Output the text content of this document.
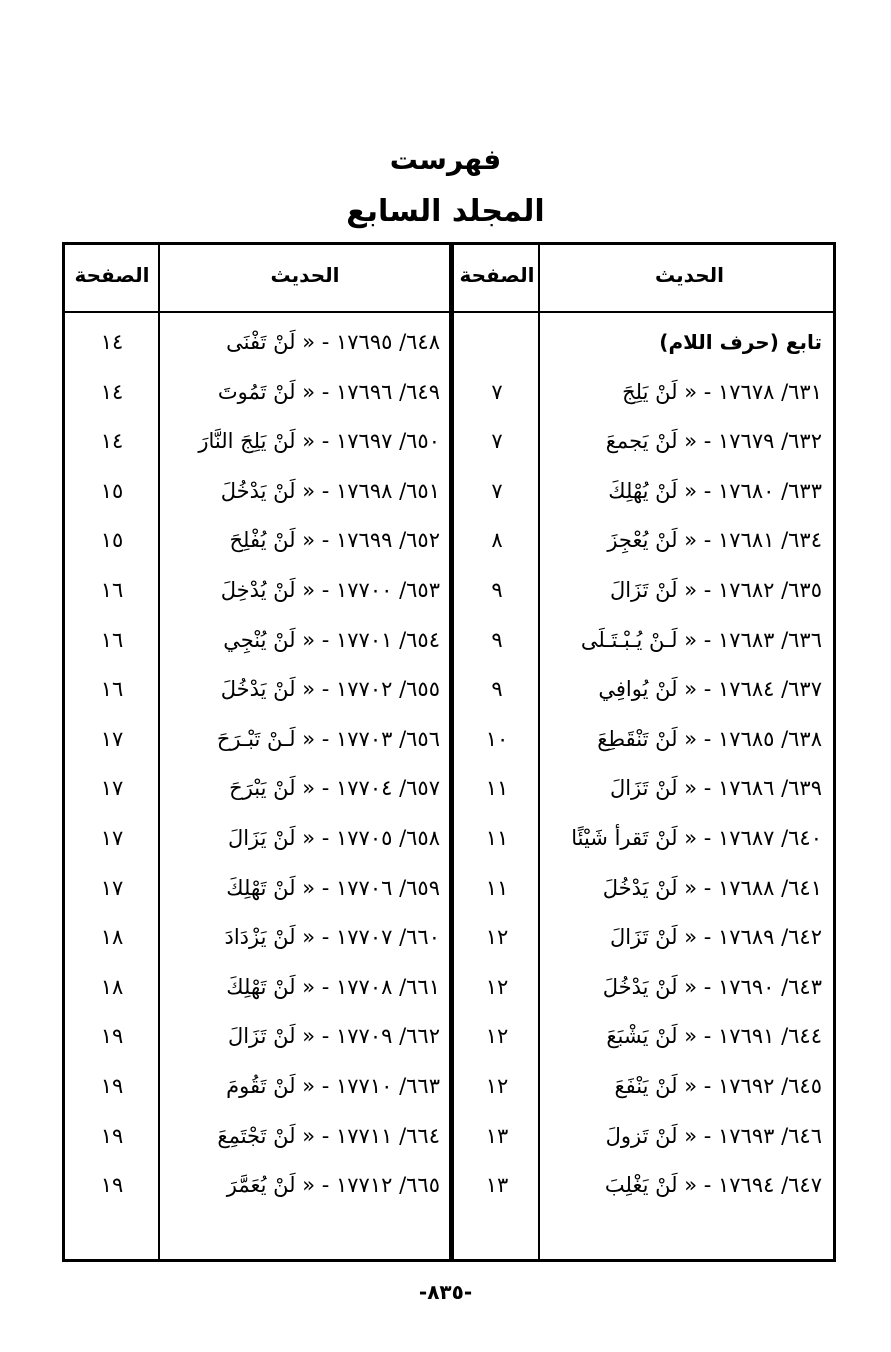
فهرست
المجلد السابع
الحديث
الصفحة
الحديث
الصفحة
تابع (حرف اللام)
٦٣١/ ١٧٦٧٨ - « لَنْ يَلِجَ
٧
٦٣٢/ ١٧٦٧٩ - « لَنْ يَجمعَ
٧
٦٣٣/ ١٧٦٨٠ - « لَنْ يُهْلِكَ
٧
٦٣٤/ ١٧٦٨١ - « لَنْ يُعْجِزَ
٨
٦٣٥/ ١٧٦٨٢ - « لَنْ تَزَالَ
٩
٦٣٦/ ١٧٦٨٣ - « لَـنْ يُـبْـتَـلَى
٩
٦٣٧/ ١٧٦٨٤ - « لَنْ يُوافِي
٩
٦٣٨/ ١٧٦٨٥ - « لَنْ تَنْقَطِعَ
١٠
٦٣٩/ ١٧٦٨٦ - « لَنْ تَزَالَ
١١
٦٤٠/ ١٧٦٨٧ - « لَنْ تَقرأ شَيْئًا
١١
٦٤١/ ١٧٦٨٨ - « لَنْ يَدْخُلَ
١١
٦٤٢/ ١٧٦٨٩ - « لَنْ تَزَالَ
١٢
٦٤٣/ ١٧٦٩٠ - « لَنْ يَدْخُلَ
١٢
٦٤٤/ ١٧٦٩١ - « لَنْ يَشْبَعَ
١٢
٦٤٥/ ١٧٦٩٢ - « لَنْ يَنْفَعَ
١٢
٦٤٦/ ١٧٦٩٣ - « لَنْ تَزولَ
١٣
٦٤٧/ ١٧٦٩٤ - « لَنْ يَغْلِبَ
١٣
٦٤٨/ ١٧٦٩٥ - « لَنْ تَفْنَى
١٤
٦٤٩/ ١٧٦٩٦ - « لَنْ تَمُوتَ
١٤
٦٥٠/ ١٧٦٩٧ - « لَنْ يَلِجَ النَّارَ
١٤
٦٥١/ ١٧٦٩٨ - « لَنْ يَدْخُلَ
١٥
٦٥٢/ ١٧٦٩٩ - « لَنْ يُفْلِحَ
١٥
٦٥٣/ ١٧٧٠٠ - « لَنْ يُدْخِلَ
١٦
٦٥٤/ ١٧٧٠١ - « لَنْ يُنْجِي
١٦
٦٥٥/ ١٧٧٠٢ - « لَنْ يَدْخُلَ
١٦
٦٥٦/ ١٧٧٠٣ - « لَـنْ تَبْـرَحَ
١٧
٦٥٧/ ١٧٧٠٤ - « لَنْ يَبْرَحَ
١٧
٦٥٨/ ١٧٧٠٥ - « لَنْ يَزَالَ
١٧
٦٥٩/ ١٧٧٠٦ - « لَنْ تَهْلِكَ
١٧
٦٦٠/ ١٧٧٠٧ - « لَنْ يَزْدَادَ
١٨
٦٦١/ ١٧٧٠٨ - « لَنْ تَهْلِكَ
١٨
٦٦٢/ ١٧٧٠٩ - « لَنْ تَزَالَ
١٩
٦٦٣/ ١٧٧١٠ - « لَنْ تَقُومَ
١٩
٦٦٤/ ١٧٧١١ - « لَنْ تَجْتَمِعَ
١٩
٦٦٥/ ١٧٧١٢ - « لَنْ يُعَمَّرَ
١٩
-٨٣٥-
